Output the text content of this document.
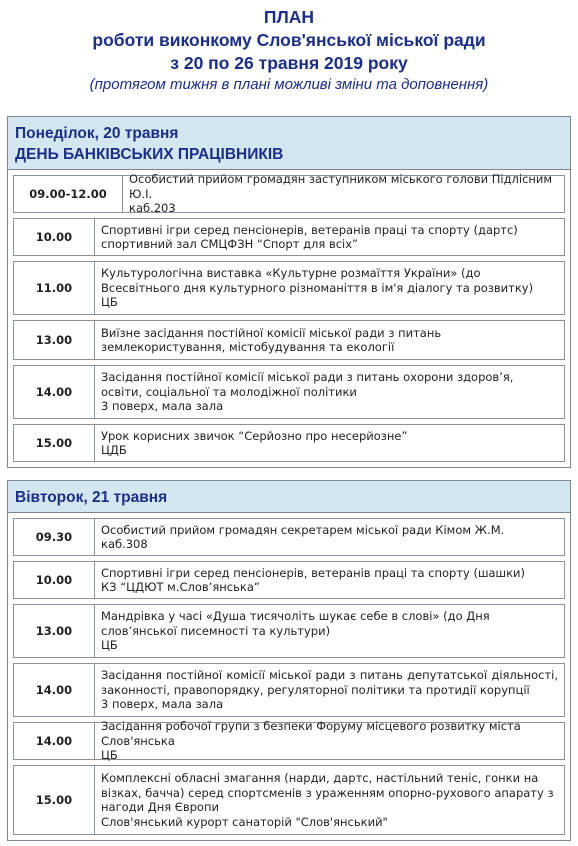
ПЛАН
роботи виконкому Слов'янської міської ради
з 20 по 26 травня 2019 року
(протягом тижня в плані можливі зміни та доповнення)
Понеділок, 20 травня
ДЕНЬ БАНКІВСЬКИХ ПРАЦІВНИКІВ
09.00-12.00
Особистий прийом громадян заступником міського голови Підлісним Ю.І.
каб.203
10.00	Спортивні ігри серед пенсіонерів, ветеранів праці та спорту (дартс)
спортивний зал СМЦФЗН “Спорт для всіх”
11.00
Культурологічна виставка «Культурне розмаїття України» (до Всесвітнього дня культурного різноманіття в ім'я діалогу та розвитку)
ЦБ
13.00	Виїзне засідання постійної комісії міської ради з питань землекористування, містобудування та екології
14.00
Засідання постійної комісії міської ради з питань охорони здоров’я, освіти, соціальної та молодіжної політики
3 поверх, мала зала
15.00	Урок корисних звичок “Серйозно про несерйозне”
ЦДБ
Вівторок, 21 травня
09.30	Особистий прийом громадян секретарем міської ради Кімом Ж.М.
каб.308
10.00	Спортивні ігри серед пенсіонерів, ветеранів праці та спорту (шашки)
КЗ “ЦДЮТ м.Слов’янська”
13.00
Мандрівка у часі «Душа тисячоліть шукає себе в слові» (до Дня слов’янської писемності та культури)
ЦБ
14.00
Засідання постійної комісії міської ради з питань депутатської діяльності, законності, правопорядку, регуляторної політики та протидії корупції
3 поверх, мала зала
14.00
Засідання робочої групи з безпеки Форуму місцевого розвитку міста Слов'янська
ЦБ
15.00
Комплексні обласні змагання (нарди, дартс, настільний теніс, гонки на візках, бачча) серед спортсменів з ураженням опорно-рухового апарату з нагоди Дня Європи
Слов'янський курорт санаторій "Слов'янський"
